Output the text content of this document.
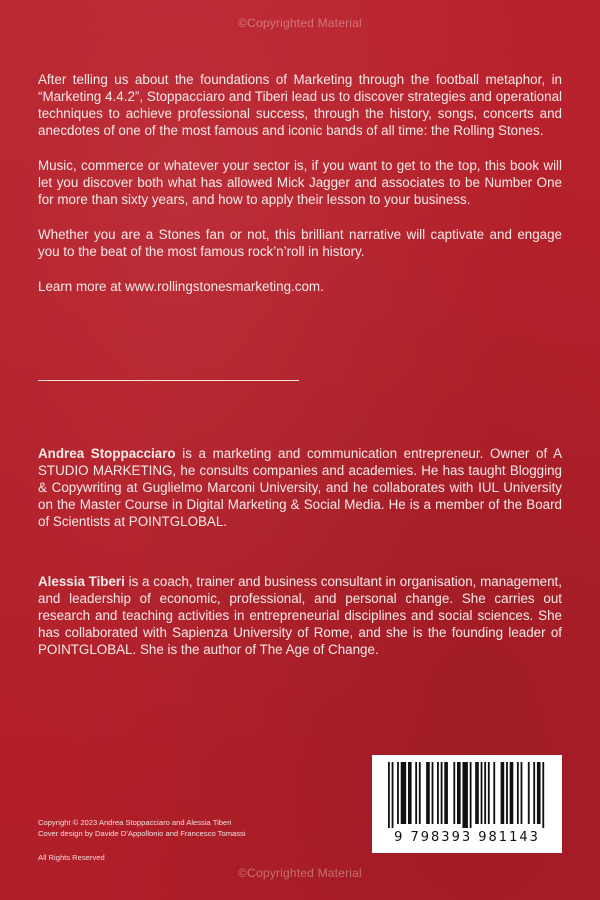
©Copyrighted Material

After telling us about the foundations of Marketing through the football metaphor, in “Marketing 4.4.2”, Stoppacciaro and Tiberi lead us to discover strategies and operational techniques to achieve professional success, through the history, songs, concerts and anecdotes of one of the most famous and iconic bands of all time: the Rolling Stones.

Music, commerce or whatever your sector is, if you want to get to the top, this book will let you discover both what has allowed Mick Jagger and associates to be Number One for more than sixty years, and how to apply their lesson to your business.

Whether you are a Stones fan or not, this brilliant narrative will captivate and engage you to the beat of the most famous rock’n’roll in history.

Learn more at www.rollingstonesmarketing.com.

Andrea Stoppacciaro is a marketing and communication entrepreneur. Owner of A STUDIO MARKETING, he consults companies and academies. He has taught Blogging & Copywriting at Guglielmo Marconi University, and he collaborates with IUL University on the Master Course in Digital Marketing & Social Media. He is a member of the Board of Scientists at POINTGLOBAL.
Alessia Tiberi is a coach, trainer and business consultant in organisation, management, and leadership of economic, professional, and personal change. She carries out research and teaching activities in entrepreneurial disciplines and social sciences. She has collaborated with Sapienza University of Rome, and she is the founding leader of POINTGLOBAL. She is the author of The Age of Change.
Copyright © 2023 Andrea Stoppacciaro and Alessia Tiberi
Cover design by Davide D’Appollonio and Francesco Tomassi
All Rights Reserved
9 798393 981143
©Copyrighted Material
